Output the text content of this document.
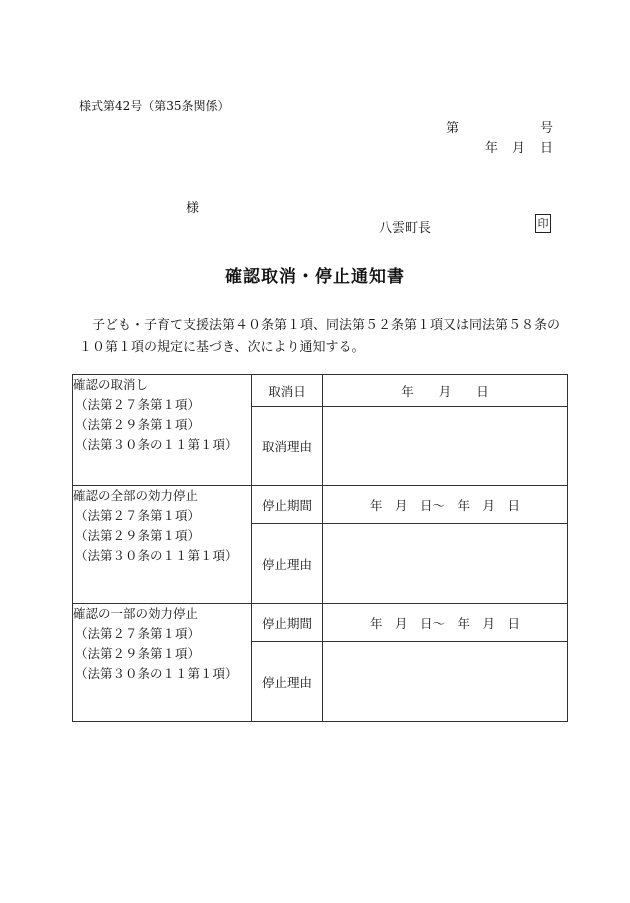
様式第42号（第35条関係）
第	号
年 月 日
様
八雲町長	印
確認取消・停止通知書
子ども・子育て支援法第４０条第１項、同法第５２条第１項又は同法第５８条の１０第１項の規定に基づき、次により通知する。
確認の取消し
（法第２７条第１項）
（法第２９条第１項）
（法第３０条の１１第１項）	取消日	年　　月　　日
	取消理由	

確認の全部の効力停止
（法第２７条第１項）
（法第２９条第１項）
（法第３０条の１１第１項）	停止期間	年　月　日～　年　月　日
	停止理由	

確認の一部の効力停止
（法第２７条第１項）
（法第２９条第１項）
（法第３０条の１１第１項）	停止期間	年　月　日～　年　月　日
	停止理由	
